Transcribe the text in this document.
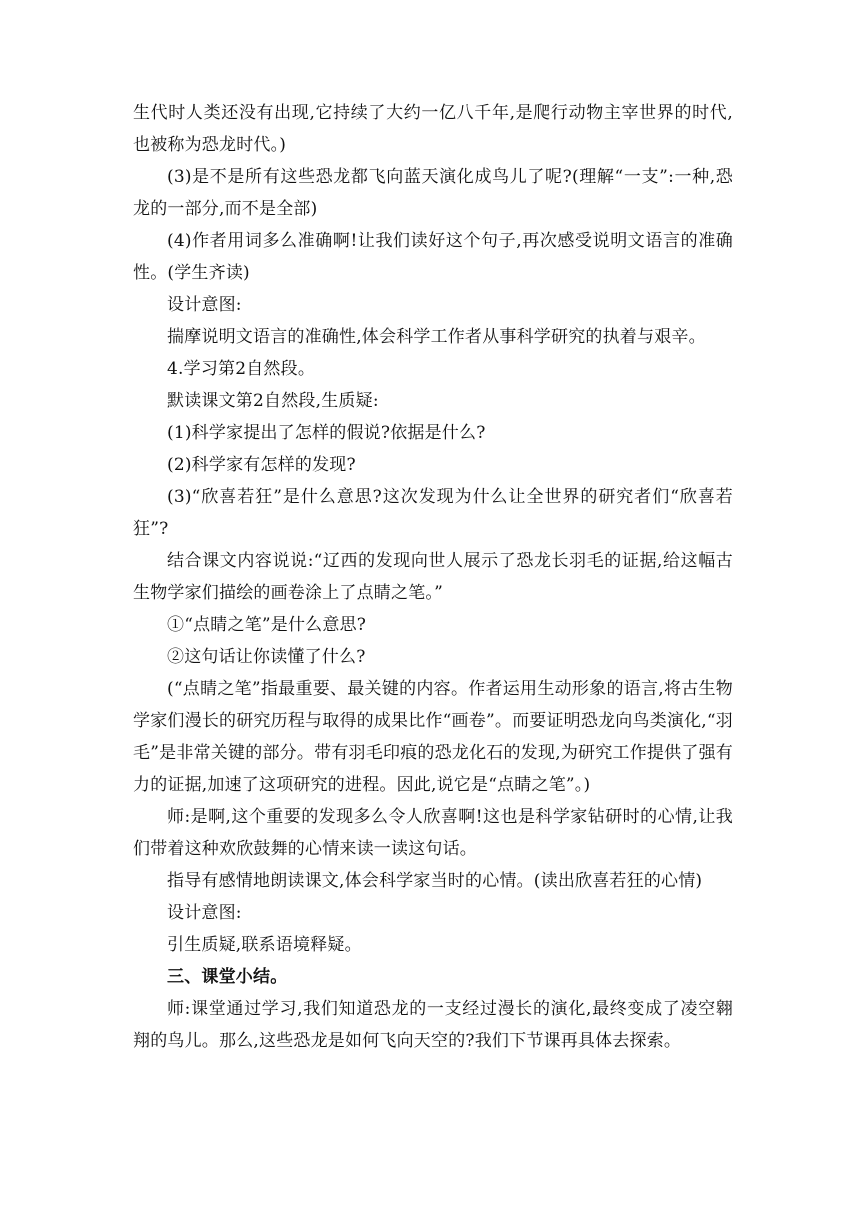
生代时人类还没有出现,它持续了大约一亿八千年,是爬行动物主宰世界的时代,也被称为恐龙时代。)

(3)是不是所有这些恐龙都飞向蓝天演化成鸟儿了呢?(理解“一支”:一种,恐龙的一部分,而不是全部)

(4)作者用词多么准确啊!让我们读好这个句子,再次感受说明文语言的准确性。(学生齐读)

设计意图:

揣摩说明文语言的准确性,体会科学工作者从事科学研究的执着与艰辛。

4.学习第2自然段。

默读课文第2自然段,生质疑:

(1)科学家提出了怎样的假说?依据是什么?

(2)科学家有怎样的发现?

(3)“欣喜若狂”是什么意思?这次发现为什么让全世界的研究者们“欣喜若狂”?

结合课文内容说说:“辽西的发现向世人展示了恐龙长羽毛的证据,给这幅古生物学家们描绘的画卷涂上了点睛之笔。”

①“点睛之笔”是什么意思?

②这句话让你读懂了什么?

(“点睛之笔”指最重要、最关键的内容。作者运用生动形象的语言,将古生物学家们漫长的研究历程与取得的成果比作“画卷”。而要证明恐龙向鸟类演化,“羽毛”是非常关键的部分。带有羽毛印痕的恐龙化石的发现,为研究工作提供了强有力的证据,加速了这项研究的进程。因此,说它是“点睛之笔”。)

师:是啊,这个重要的发现多么令人欣喜啊!这也是科学家钻研时的心情,让我们带着这种欢欣鼓舞的心情来读一读这句话。

指导有感情地朗读课文,体会科学家当时的心情。(读出欣喜若狂的心情)

设计意图:

引生质疑,联系语境释疑。

三、课堂小结。

师:课堂通过学习,我们知道恐龙的一支经过漫长的演化,最终变成了凌空翱翔的鸟儿。那么,这些恐龙是如何飞向天空的?我们下节课再具体去探索。
